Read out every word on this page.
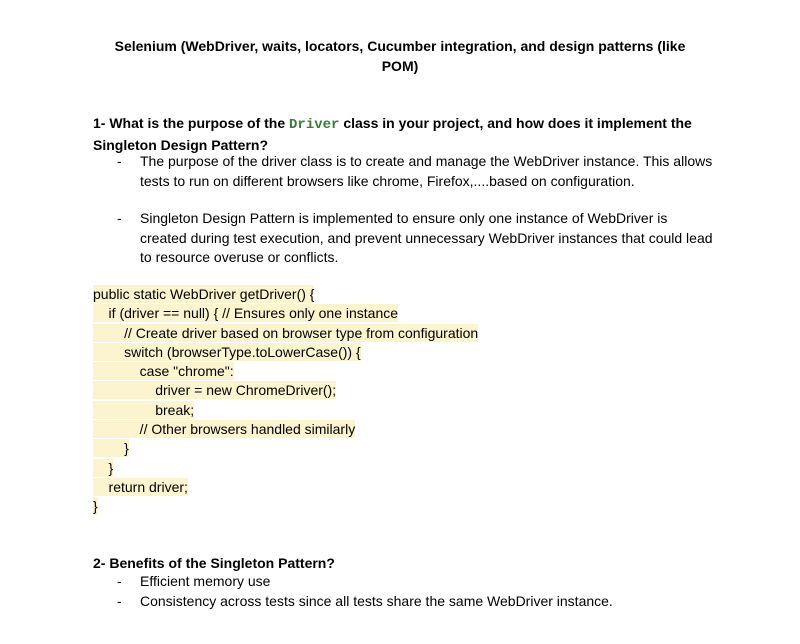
Selenium (WebDriver, waits, locators, Cucumber integration, and design patterns (like POM)
1- What is the purpose of the Driver class in your project, and how does it implement the Singleton Design Pattern?
- The purpose of the driver class is to create and manage the WebDriver instance. This allows tests to run on different browsers like chrome, Firefox,....based on configuration.
- Singleton Design Pattern is implemented to ensure only one instance of WebDriver is created during test execution, and prevent unnecessary WebDriver instances that could lead to resource overuse or conflicts.
public static WebDriver getDriver() {
if (driver == null) { // Ensures only one instance
// Create driver based on browser type from configuration
switch (browserType.toLowerCase()) {
case "chrome":
driver = new ChromeDriver();
break;
// Other browsers handled similarly
}
}
return driver;
}
2- Benefits of the Singleton Pattern?
- Efficient memory use
- Consistency across tests since all tests share the same WebDriver instance.
